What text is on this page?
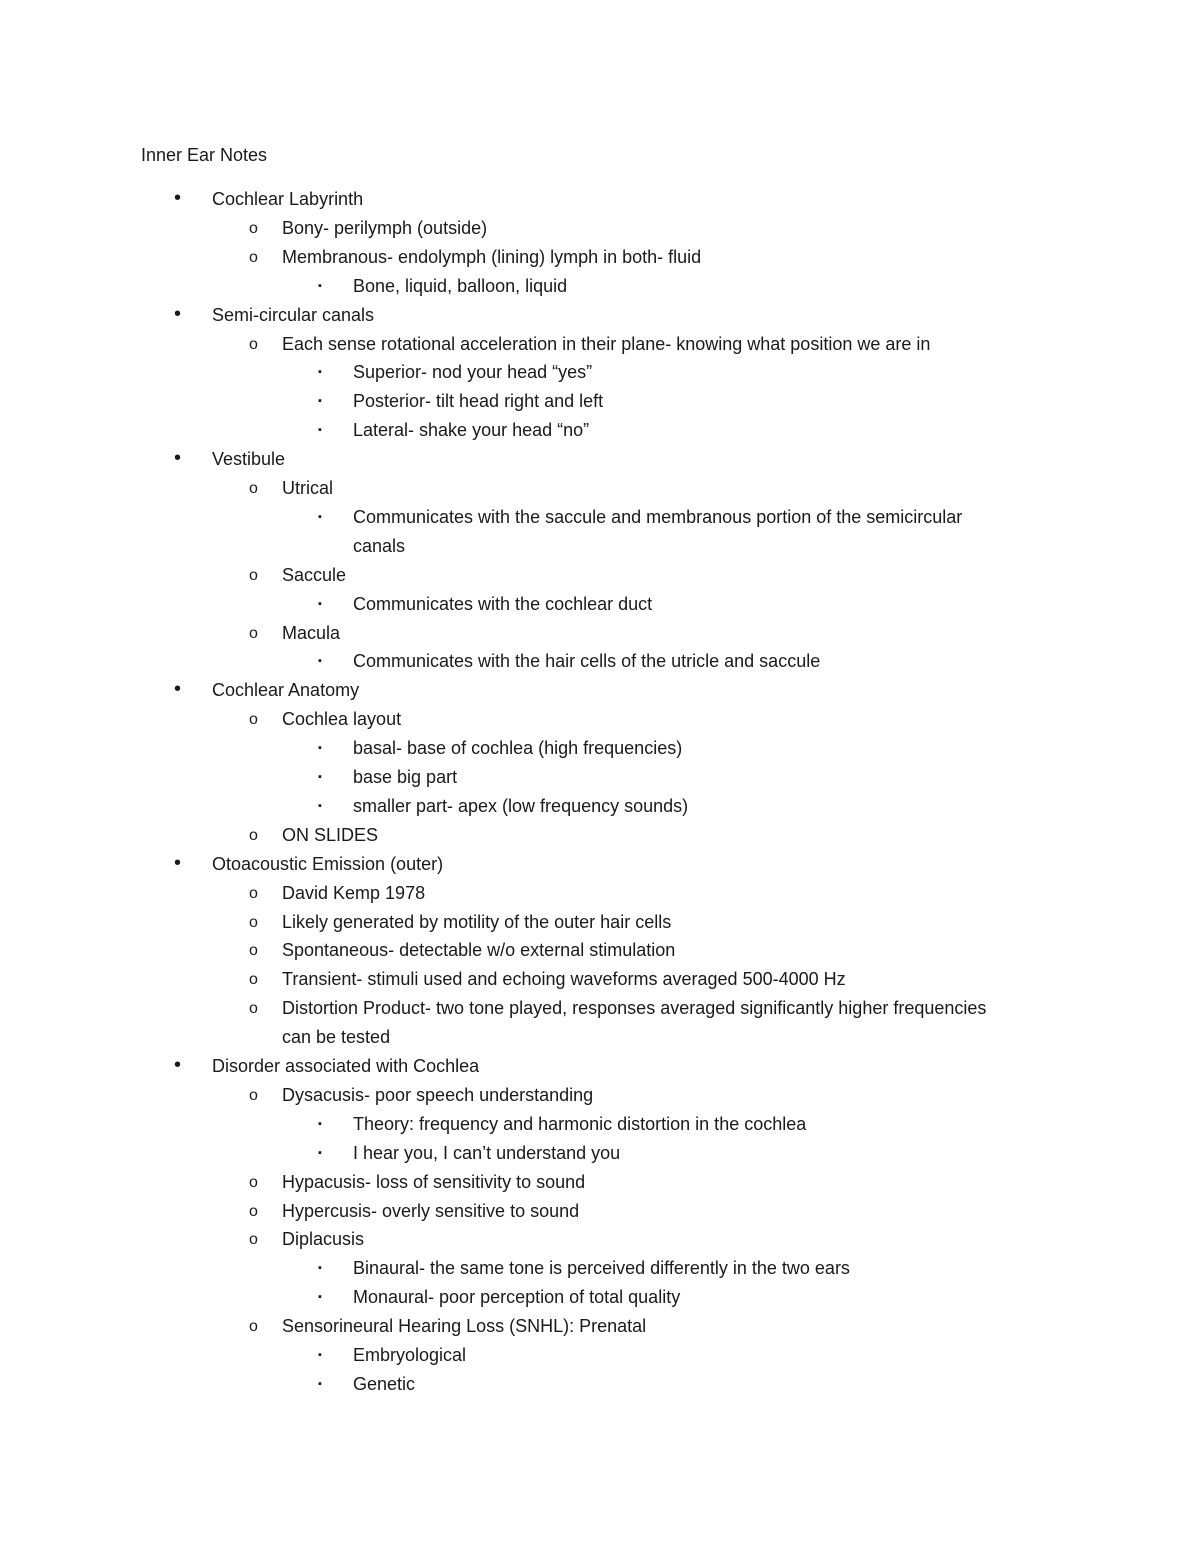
Inner Ear Notes
• Cochlear Labyrinth
o Bony- perilymph (outside)
o Membranous- endolymph (lining) lymph in both- fluid
▪ Bone, liquid, balloon, liquid
• Semi-circular canals
o Each sense rotational acceleration in their plane- knowing what position we are in
▪ Superior- nod your head “yes”
▪ Posterior- tilt head right and left
▪ Lateral- shake your head “no”
• Vestibule
o Utrical
▪ Communicates with the saccule and membranous portion of the semicircular
canals
o Saccule
▪ Communicates with the cochlear duct
o Macula
▪ Communicates with the hair cells of the utricle and saccule
• Cochlear Anatomy
o Cochlea layout
▪ basal- base of cochlea (high frequencies)
▪ base big part
▪ smaller part- apex (low frequency sounds)
o ON SLIDES
• Otoacoustic Emission (outer)
o David Kemp 1978
o Likely generated by motility of the outer hair cells
o Spontaneous- detectable w/o external stimulation
o Transient- stimuli used and echoing waveforms averaged 500-4000 Hz
o Distortion Product- two tone played, responses averaged significantly higher frequencies
can be tested
• Disorder associated with Cochlea
o Dysacusis- poor speech understanding
▪ Theory: frequency and harmonic distortion in the cochlea
▪ I hear you, I can’t understand you
o Hypacusis- loss of sensitivity to sound
o Hypercusis- overly sensitive to sound
o Diplacusis
▪ Binaural- the same tone is perceived differently in the two ears
▪ Monaural- poor perception of total quality
o Sensorineural Hearing Loss (SNHL): Prenatal
▪ Embryological
▪ Genetic
